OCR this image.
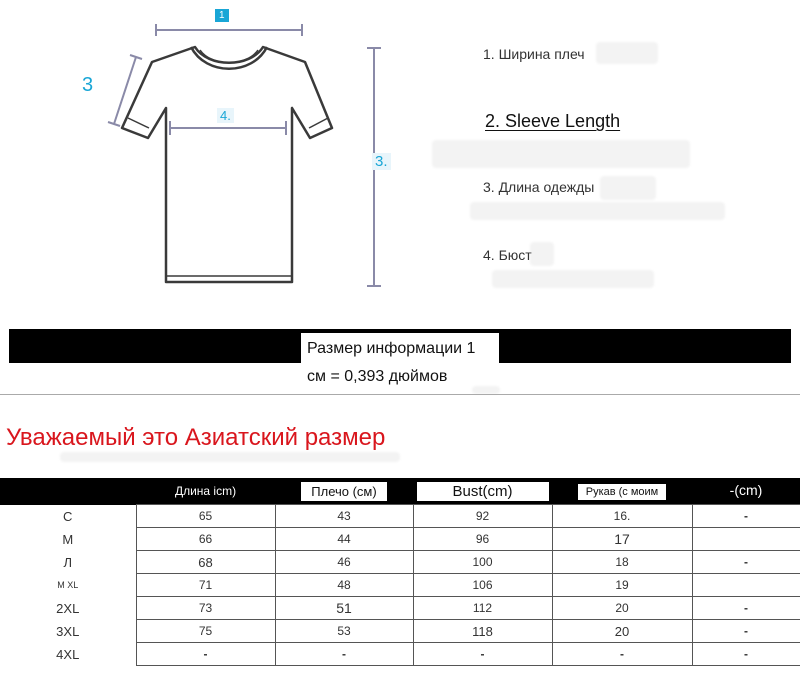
1
3
4.
3.
1. Ширина плеч
2. Sleeve Length
3. Длина одежды
4. Бюст
Размер информации 1
см = 0,393 дюймов
Уважаемый это Азиатский размер
	Длина icm)	Плечо (см)	Bust(cm)	Рукав (с моим	-(cm)
С	65	43	92	16.	-
М	66	44	96	17	
Л	68	46	100	18	-
M XL	71	48	106	19	
2XL	73	51	112	20	-
3XL	75	53	118	20	-
4XL	-	-	-	-	-
